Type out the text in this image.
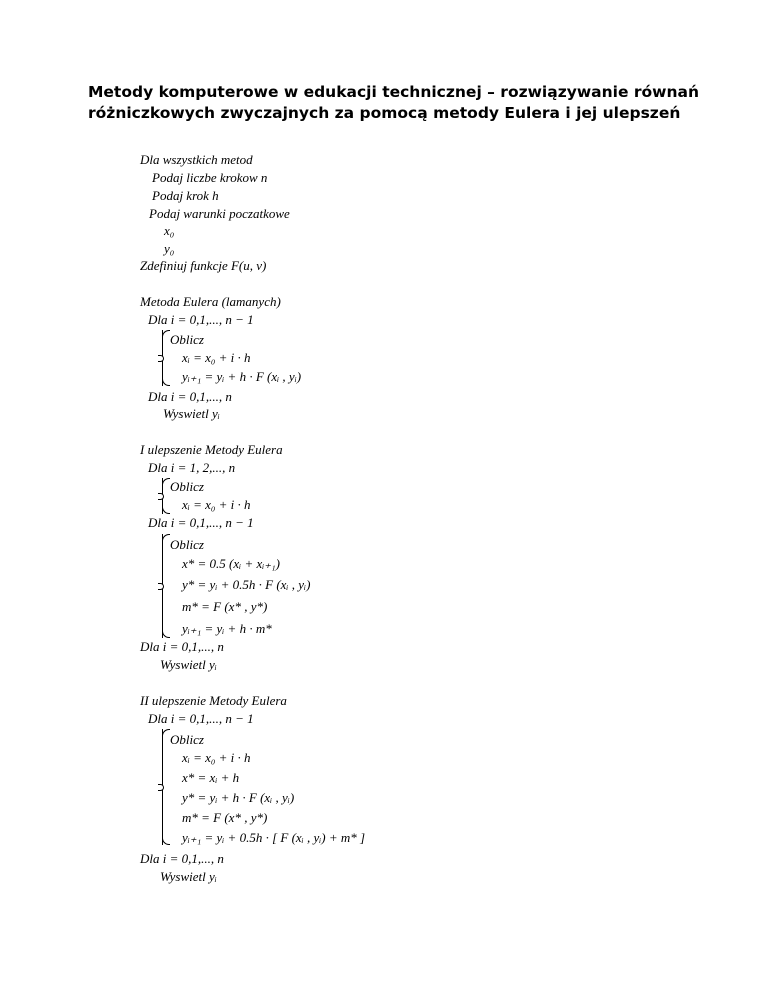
Metody komputerowe w edukacji technicznej – rozwiązywanie równań
różniczkowych zwyczajnych za pomocą metody Eulera i jej ulepszeń
Dla wszystkich metod
Podaj liczbe krokow n
Podaj krok h
Podaj warunki poczatkowe
x₀
y₀
Zdefiniuj funkcje F(u, v)
Metoda Eulera (lamanych)
Dla i = 0,1,..., n − 1
Oblicz
xᵢ = x₀ + i · h
yᵢ₊₁ = yᵢ + h · F (xᵢ , yᵢ)
Dla i = 0,1,..., n
Wyswietl yᵢ
I ulepszenie Metody Eulera
Dla i = 1, 2,..., n
Oblicz
xᵢ = x₀ + i · h
Dla i = 0,1,..., n − 1
Oblicz
x* = 0.5 (xᵢ + xᵢ₊₁)
y* = yᵢ + 0.5h · F (xᵢ , yᵢ)
m* = F (x* , y*)
yᵢ₊₁ = yᵢ + h · m*
Dla i = 0,1,..., n
Wyswietl yᵢ
II ulepszenie Metody Eulera
Dla i = 0,1,..., n − 1
Oblicz
xᵢ = x₀ + i · h
x* = xᵢ + h
y* = yᵢ + h · F (xᵢ , yᵢ)
m* = F (x* , y*)
yᵢ₊₁ = yᵢ + 0.5h · [ F (xᵢ , yᵢ) + m* ]
Dla i = 0,1,..., n
Wyswietl yᵢ
